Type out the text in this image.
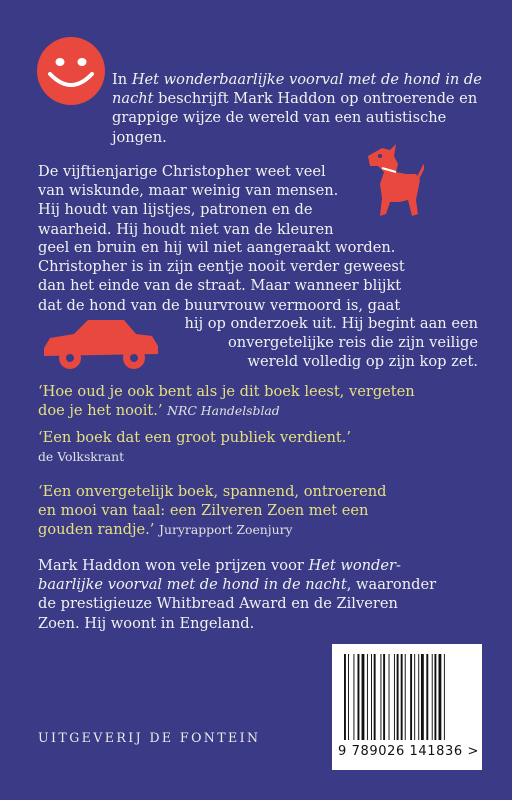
In Het wonderbaarlijke voorval met de hond in de nacht beschrijft Mark Haddon op ontroerende en grappige wijze de wereld van een autistische jongen.

De vijftienjarige Christopher weet veel
van wiskunde, maar weinig van mensen.
Hij houdt van lijstjes, patronen en de
waarheid. Hij houdt niet van de kleuren
geel en bruin en hij wil niet aangeraakt worden.
Christopher is in zijn eentje nooit verder geweest
dan het einde van de straat. Maar wanneer blijkt
dat de hond van de buurvrouw vermoord is, gaat
hij op onderzoek uit. Hij begint aan een
onvergetelijke reis die zijn veilige
wereld volledig op zijn kop zet.
‘Hoe oud je ook bent als je dit boek leest, vergeten
doe je het nooit.’ NRC Handelsblad
‘Een boek dat een groot publiek verdient.’
de Volkskrant
‘Een onvergetelijk boek, spannend, ontroerend
en mooi van taal: een Zilveren Zoen met een
gouden randje.’ Juryrapport Zoenjury
Mark Haddon won vele prijzen voor Het wonder-
baarlijke voorval met de hond in de nacht, waaronder
de prestigieuze Whitbread Award en de Zilveren
Zoen. Hij woont in Engeland.
UITGEVERIJ DE FONTEIN
9 789026 141836 >
